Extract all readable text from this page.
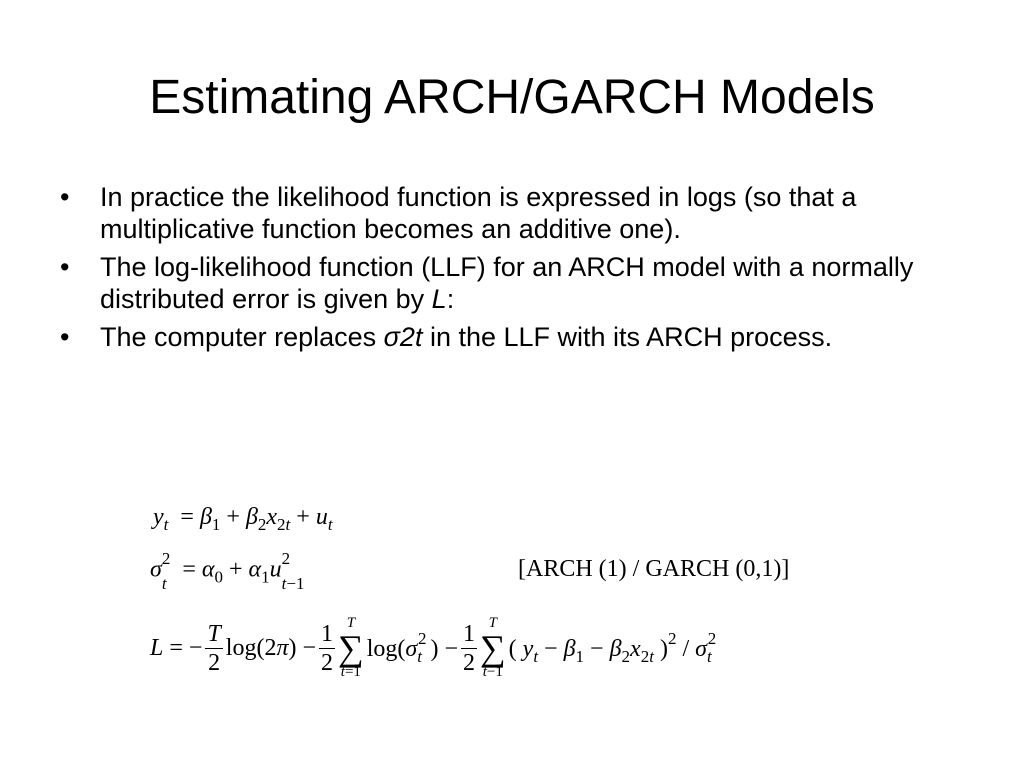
Estimating ARCH/GARCH Models
• In practice the likelihood function is expressed in logs (so that a multiplicative function becomes an additive one).
• The log-likelihood function (LLF) for an ARCH model with a normally distributed error is given by L:
• The computer replaces σ2t in the LLF with its ARCH process.
$y_t = \beta_1 + \beta_2x_{2t} + u_t$
σ 2
t
= $\alpha_0 + \alpha_1u$ 2
t−1
[ARCH (1) / GARCH (0,1)]
L = − $\frac{T}{2} \log(2\pi) - \frac{1}{2}$ T
∑
t=1
$\log(\sigma_t^2$ ) − $\frac{1}{2}$ T
∑
t−1
( $y_t - \beta_1 - \beta_2x_{2t}$ )$^2 / \sigma_t^2$
